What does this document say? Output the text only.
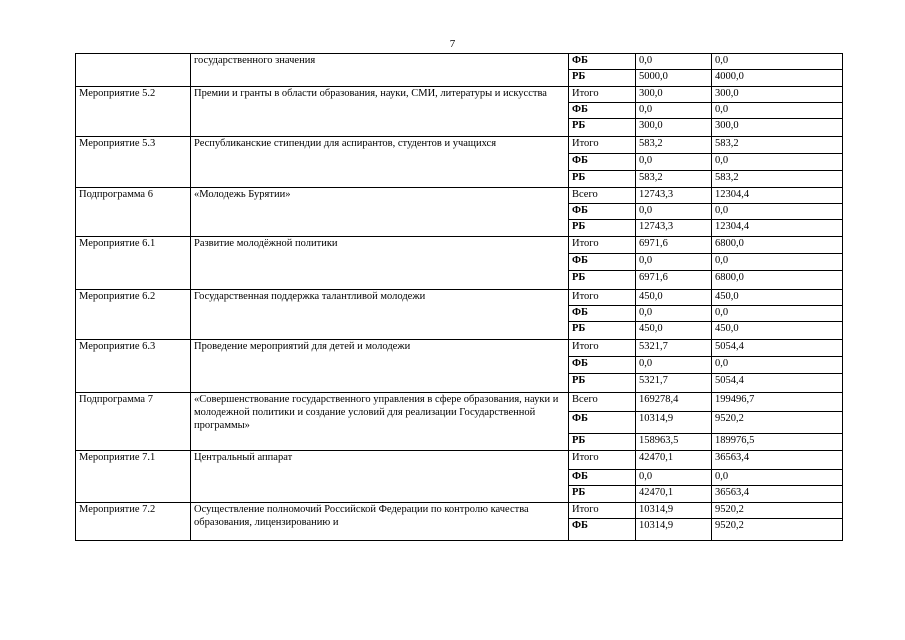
7
	государственного значения	ФБ	0,0	0,0
		РБ	5000,0	4000,0
Мероприятие 5.2	Премии и гранты в области образования, науки, СМИ, литературы и искусства	Итого	300,0	300,0
		ФБ	0,0	0,0
		РБ	300,0	300,0
Мероприятие 5.3	Республиканские стипендии для аспирантов, студентов и учащихся	Итого	583,2	583,2
		ФБ	0,0	0,0
		РБ	583,2	583,2
Подпрограмма 6	«Молодежь Бурятии»	Всего	12743,3	12304,4
		ФБ	0,0	0,0
		РБ	12743,3	12304,4
Мероприятие 6.1	Развитие молодёжной политики	Итого	6971,6	6800,0
		ФБ	0,0	0,0
		РБ	6971,6	6800,0
Мероприятие 6.2	Государственная поддержка талантливой молодежи	Итого	450,0	450,0
		ФБ	0,0	0,0
		РБ	450,0	450,0
Мероприятие 6.3	Проведение мероприятий для детей и молодежи	Итого	5321,7	5054,4
		ФБ	0,0	0,0
		РБ	5321,7	5054,4
Подпрограмма 7	«Совершенствование государственного управления в сфере образования, науки и молодежной политики и создание условий для реализации Государственной программы»	Всего	169278,4	199496,7
		ФБ	10314,9	9520,2
		РБ	158963,5	189976,5
Мероприятие 7.1	Центральный аппарат	Итого	42470,1	36563,4
		ФБ	0,0	0,0
		РБ	42470,1	36563,4
Мероприятие 7.2	Осуществление полномочий Российской Федерации по контролю качества образования, лицензированию и	Итого	10314,9	9520,2
		ФБ	10314,9	9520,2
